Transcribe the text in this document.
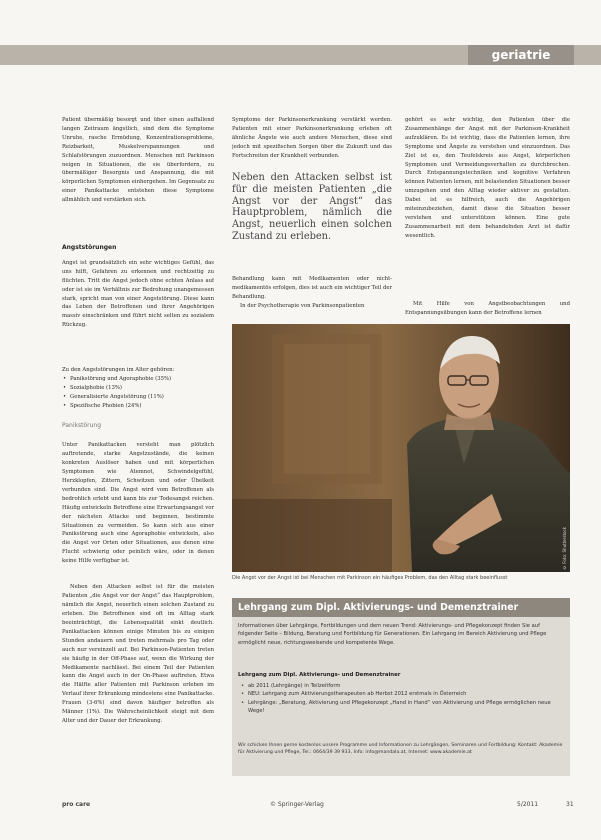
geriatrie
Patient übermäßig besorgt und über einen auffallend langen Zeitraum ängstlich, sind dem die Symptome Unruhe, rasche Ermüdung, Konzentrationsprobleme, Reizbarkeit, Muskelverspannungen und Schlafstörungen zuzuordnen. Menschen mit Parkinson neigen in Situationen, die sie überfordern, zu übermäßiger Besorgnis und Anspannung, die mit körperlichen Symptomen einhergehen. Im Gegensatz zu einer Panikattacke entstehen diese Symptome allmählich und verstärken sich.
Angststörungen
Angst ist grundsätzlich ein sehr wichtiges Gefühl, das uns hilft, Gefahren zu erkennen und rechtzeitig zu flüchten. Tritt die Angst jedoch ohne echten Anlass auf oder ist sie im Verhältnis zur Bedrohung unangemessen stark, spricht man von einer Angststörung. Diese kann das Leben der Betroffenen und ihrer Angehörigen massiv einschränken und führt nicht selten zu sozialem Rückzug.
Zu den Angststörungen im Alter gehören:
• Panikstörung und Agoraphobie (35%)
• Sozialphobie (13%)
• Generalisierte Angststörung (11%)
• Spezifische Phobien (24%)
Panikstörung
Unter Panikattacken versteht man plötzlich auftretende, starke Angstzustände, die keinen konkreten Auslöser haben und mit körperlichen Symptomen wie Atemnot, Schwindelgefühl, Herzklopfen, Zittern, Schwitzen und oder Übelkeit verbunden sind. Die Angst wird vom Betroffenen als bedrohlich erlebt und kann bis zur Todesangst reichen. Häufig entwickeln Betroffene eine Erwartungsangst vor der nächsten Attacke und beginnen, bestimmte Situationen zu vermeiden. So kann sich aus einer Panikstörung auch eine Agoraphobie entwickeln, also die Angst vor Orten oder Situationen, aus denen eine Flucht schwierig oder peinlich wäre, oder in denen keine Hilfe verfügbar ist.
Neben den Attacken selbst ist für die meisten Patienten „die Angst vor der Angst“ das Hauptproblem, nämlich die Angst, neuerlich einen solchen Zustand zu erleben. Die Betroffenen sind oft im Alltag stark beeinträchtigt, die Lebensqualität sinkt deutlich. Panikattacken können einige Minuten bis zu einigen Stunden andauern und treten mehrmals pro Tag oder auch nur vereinzelt auf. Bei Parkinson-Patienten treten sie häufig in der Off-Phase auf, wenn die Wirkung der Medikamente nachlässt. Bei einem Teil der Patienten kann die Angst auch in der On-Phase auftreten. Etwa die Hälfte aller Patienten mit Parkinson erleben im Verlauf ihrer Erkrankung mindestens eine Panikattacke. Frauen (3-6%) sind davon häufiger betroffen als Männer (1%). Die Wahrscheinlichkeit steigt mit dem Alter und der Dauer der Erkrankung.
Symptome der Parkinsonerkrankung verstärkt werden. Patienten mit einer Parkinsonerkrankung erleben oft ähnliche Ängste wie auch andere Menschen, diese sind jedoch mit spezifischen Sorgen über die Zukunft und das Fortschreiten der Krankheit verbunden.
Neben den Attacken selbst ist für die meisten Patienten „die Angst vor der Angst“ das Hauptproblem, nämlich die Angst, neuerlich einen solchen Zustand zu erleben.
Behandlung kann mit Medikamenten oder nicht-medikamentös erfolgen, dies ist auch ein wichtiger Teil der Behandlung.
In der Psychotherapie von Parkinsonpatienten
gehört es sehr wichtig, den Patienten über die Zusammenhänge der Angst mit der Parkinson-Krankheit aufzuklären. Es ist wichtig, dass die Patienten lernen, ihre Symptome und Ängste zu verstehen und einzuordnen. Das Ziel ist es, den Teufelskreis aus Angst, körperlichen Symptomen und Vermeidungsverhalten zu durchbrechen. Durch Entspannungstechniken und kognitive Verfahren können Patienten lernen, mit belastenden Situationen besser umzugehen und den Alltag wieder aktiver zu gestalten. Dabei ist es hilfreich, auch die Angehörigen miteinzubeziehen, damit diese die Situation besser verstehen und unterstützen können. Eine gute Zusammenarbeit mit dem behandelnden Arzt ist dafür wesentlich.
Mit Hilfe von Angstbeobachtungen und Entspannungsübungen kann der Betroffene lernen
© Foto: Shutterstock
Die Angst vor der Angst ist bei Menschen mit Parkinson ein häufiges Problem, das den Alltag stark beeinflusst
Lehrgang zum Dipl. Aktivierungs- und Demenztrainer
Informationen über Lehrgänge, Fortbildungen und dem neuen Trend: Aktivierungs- und Pflegekonzept finden Sie auf folgender Seite – Bildung, Beratung und Fortbildung für Generationen. Ein Lehrgang im Bereich Aktivierung und Pflege ermöglicht neue, richtungsweisende und kompetente Wege.
Lehrgang zum Dipl. Aktivierungs- und Demenztrainer
• ab 2011 (Lehrgänge) in Teilzeitform
• NEU: Lehrgang zum Aktivierungstherapeuten ab Herbst 2012 erstmals in Österreich
• Lehrgänge: „Beratung, Aktivierung und Pflegekonzept „Hand in Hand“ von Aktivierung und Pflege ermöglichen neue Wege!
Wir schicken Ihnen gerne kostenlos unsere Programme und Informationen zu Lehrgängen, Seminaren und Fortbildung: Kontakt: Akademie für Aktivierung und Pflege, Tel.: 0664/39 39 933, Info: info@mandalo.at, Internet: www.akademie.at
pro care	© Springer-Verlag	5/2011	31
